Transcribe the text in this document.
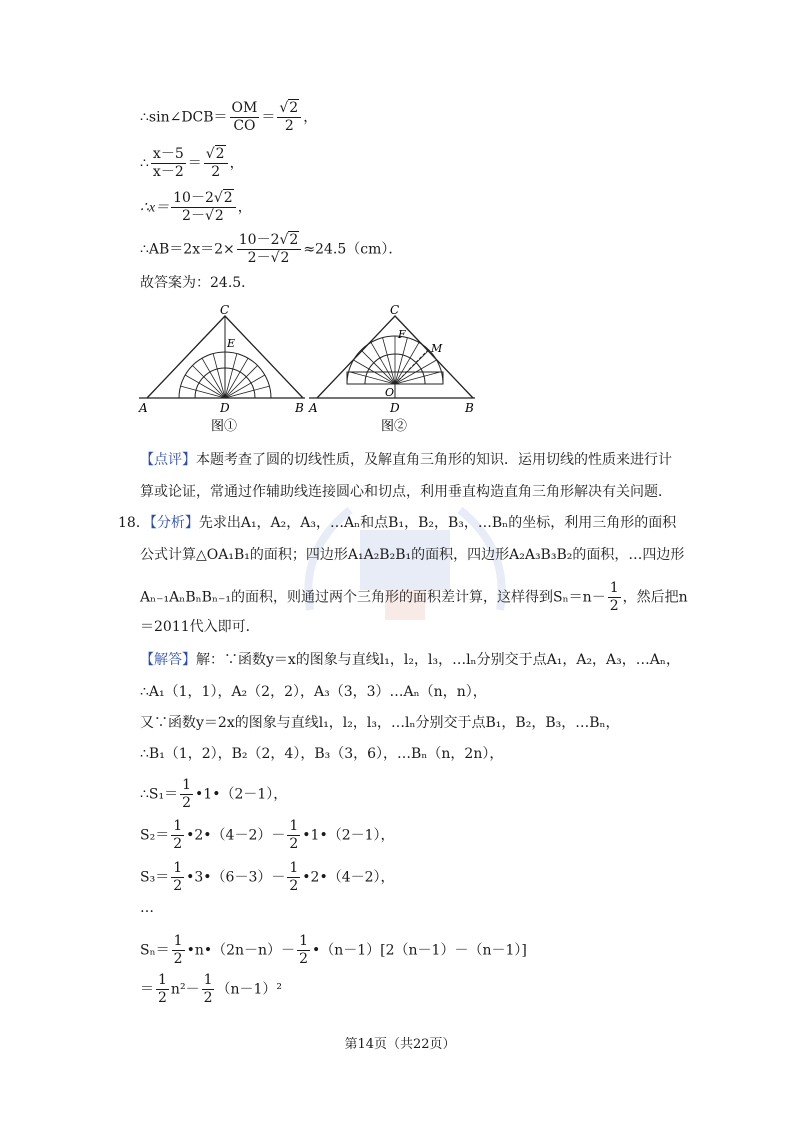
∴sin∠DCB＝ $\frac{OM}{CO} = \frac{√2}{2}$ ，
∴ $\frac{x-5}{x-2} = \frac{√2}{2}$ ，
∴x＝ $\frac{10-2√2}{2-√2}$ ，
∴AB＝2x＝2× $\frac{10-2√2}{2-√2} \approx 24.5(cm)$．
故答案为：24.5．
C
E
A	D	B
图①
C
F
M
O
A	D	B
图②
【点评】本题考查了圆的切线性质，及解直角三角形的知识．运用切线的性质来进行计
算或论证，常通过作辅助线连接圆心和切点，利用垂直构造直角三角形解决有关问题．
18．【分析】先求出A₁，A₂，A₃，…Aₙ和点B₁，B₂，B₃，…Bₙ的坐标，利用三角形的面积
公式计算△OA₁B₁的面积；四边形A₁A₂B₂B₁的面积，四边形A₂A₃B₃B₂的面积，…四边形
Aₙ₋₁AₙBₙBₙ₋₁的面积，则通过两个三角形的面积差计算，这样得到$S_n=n- \frac{1}{2}$ ，然后把n
＝2011代入即可．
【解答】解：∵函数y＝x的图象与直线l₁，l₂，l₃，…lₙ分别交于点A₁，A₂，A₃，…Aₙ，
∴A₁（1，1），A₂（2，2），A₃（3，3）…Aₙ（n，n），
又∵函数y＝2x的图象与直线l₁，l₂，l₃，…lₙ分别交于点B₁，B₂，B₃，…Bₙ，
∴B₁（1，2），B₂（2，4），B₃（3，6），…Bₙ（n，2n），
∴S₁＝ $\frac{1}{2}$ •1•（2－1），
$S_2= \frac{1}{2}$ •2•（4－2）－ $\frac{1}{2}$ •1•（2－1），
$S_3= \frac{1}{2}$ •3•（6－3）－ $\frac{1}{2}$ •2•（4－2），
…
$S_n= \frac{1}{2}$ •n•（2n－n）－ $\frac{1}{2}$ •（n－1）[2（n－1）－（n－1）]
＝ $\frac{1}{2} n^2- \frac{1}{2} (n-1)^2$
第14页（共22页）
